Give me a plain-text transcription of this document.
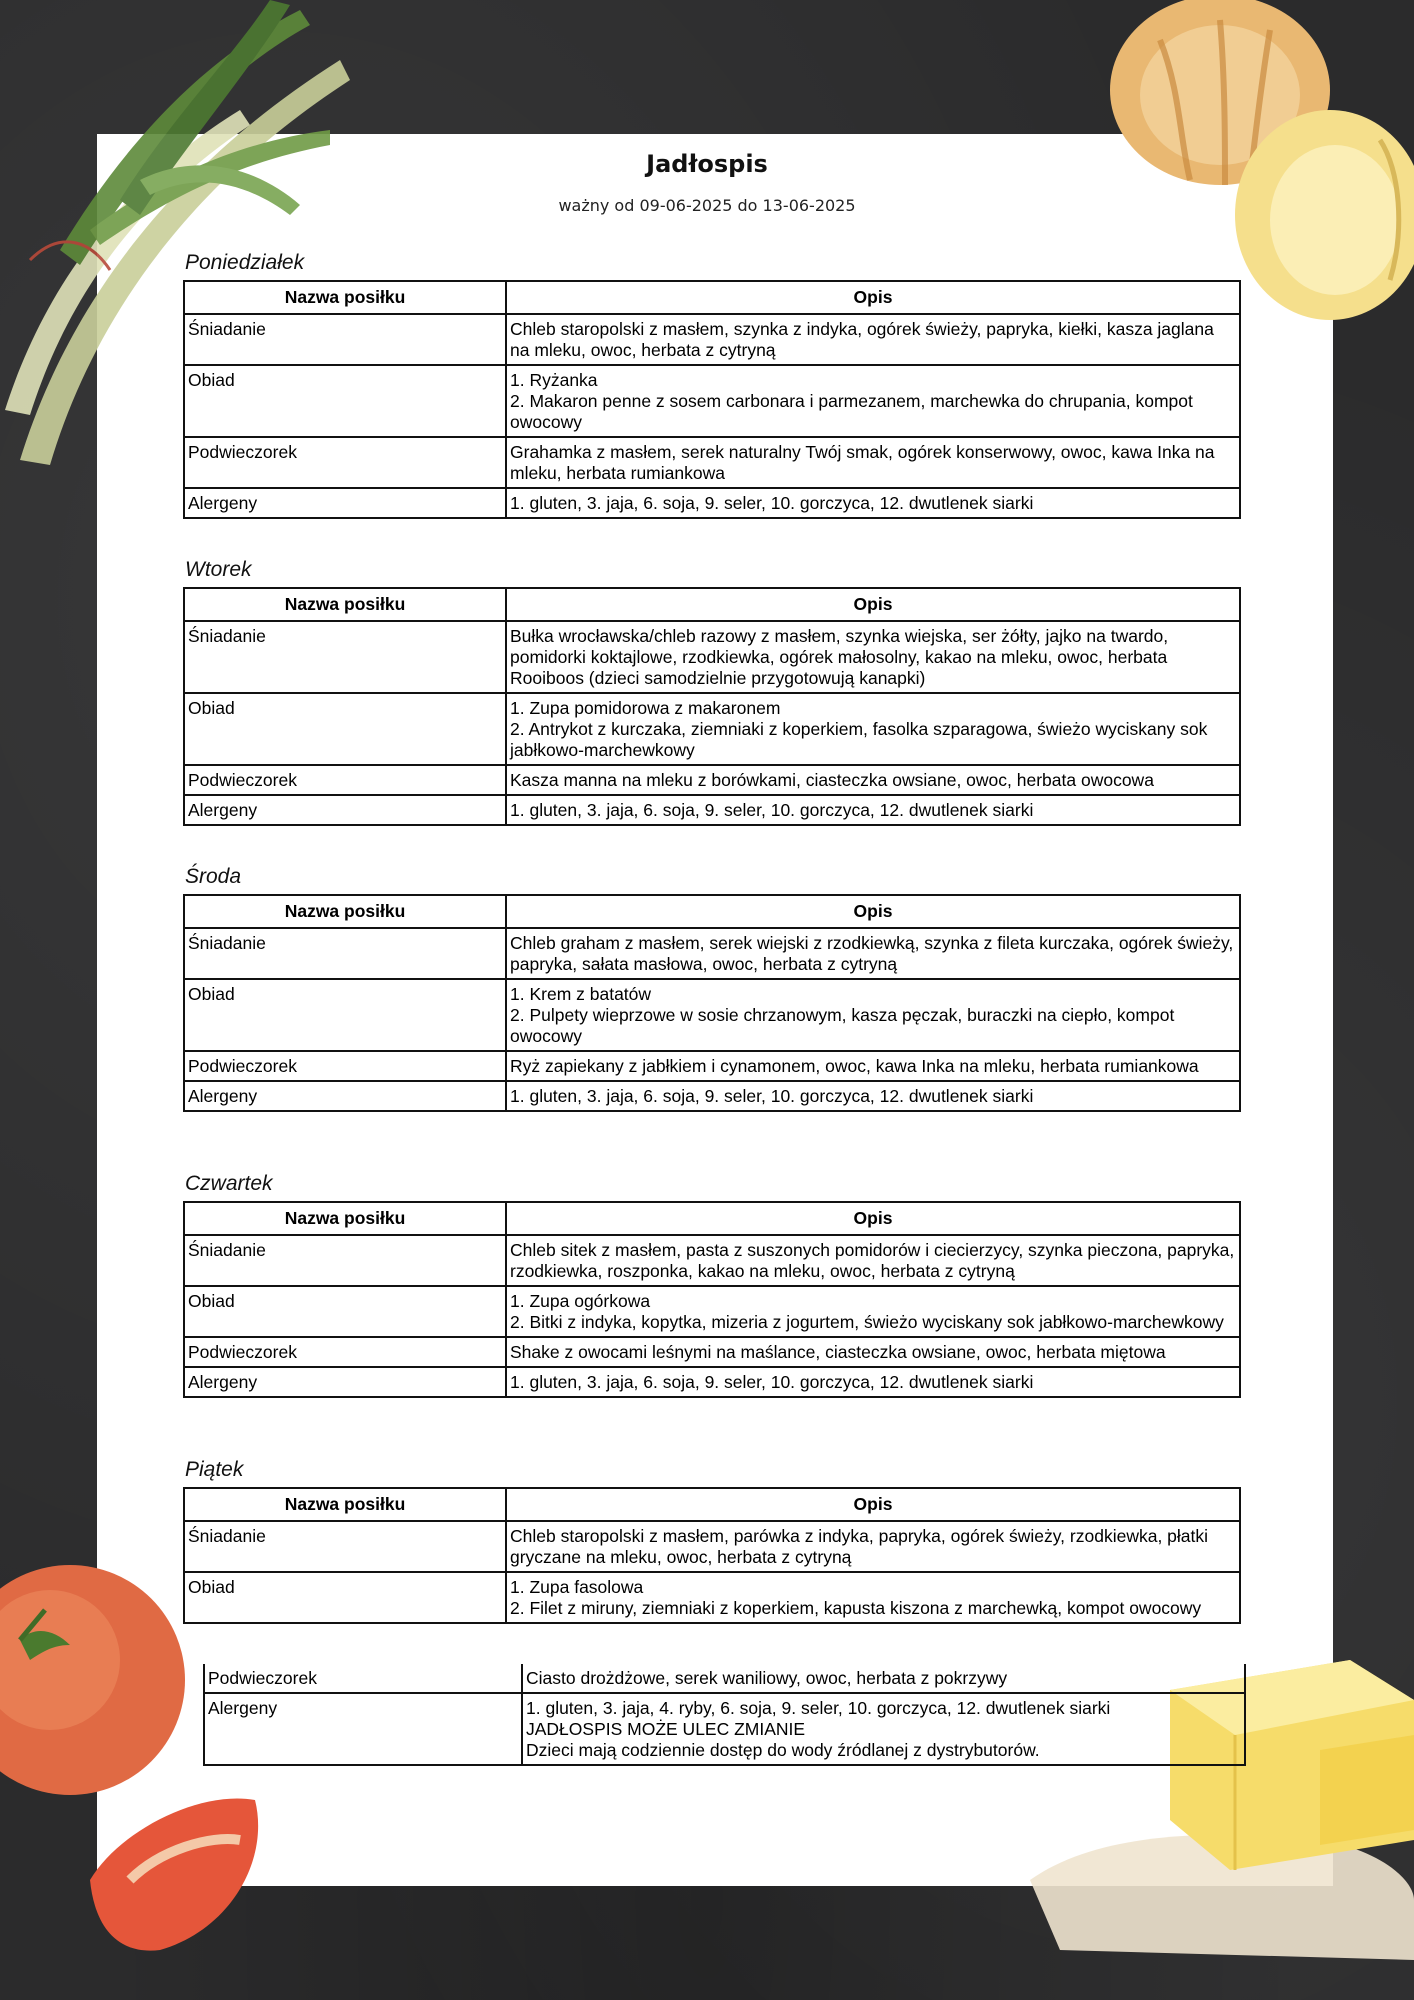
Jadłospis
ważny od 09-06-2025 do 13-06-2025
Poniedziałek
Nazwa posiłku	Opis
Śniadanie	Chleb staropolski z masłem, szynka z indyka, ogórek świeży, papryka, kiełki, kasza jaglana na mleku, owoc, herbata z cytryną
Obiad	1. Ryżanka
2. Makaron penne z sosem carbonara i parmezanem, marchewka do chrupania, kompot owocowy
Podwieczorek	Grahamka z masłem, serek naturalny Twój smak, ogórek konserwowy, owoc, kawa Inka na mleku, herbata rumiankowa
Alergeny	1. gluten, 3. jaja, 6. soja, 9. seler, 10. gorczyca, 12. dwutlenek siarki
Wtorek
Nazwa posiłku	Opis
Śniadanie	Bułka wrocławska/chleb razowy z masłem, szynka wiejska, ser żółty, jajko na twardo, pomidorki koktajlowe, rzodkiewka, ogórek małosolny, kakao na mleku, owoc, herbata Rooiboos (dzieci samodzielnie przygotowują kanapki)
Obiad	1. Zupa pomidorowa z makaronem
2. Antrykot z kurczaka, ziemniaki z koperkiem, fasolka szparagowa, świeżo wyciskany sok jabłkowo-marchewkowy
Podwieczorek	Kasza manna na mleku z borówkami, ciasteczka owsiane, owoc, herbata owocowa
Alergeny	1. gluten, 3. jaja, 6. soja, 9. seler, 10. gorczyca, 12. dwutlenek siarki
Środa
Nazwa posiłku	Opis
Śniadanie	Chleb graham z masłem, serek wiejski z rzodkiewką, szynka z fileta kurczaka, ogórek świeży, papryka, sałata masłowa, owoc, herbata z cytryną
Obiad	1. Krem z batatów
2. Pulpety wieprzowe w sosie chrzanowym, kasza pęczak, buraczki na ciepło, kompot owocowy
Podwieczorek	Ryż zapiekany z jabłkiem i cynamonem, owoc, kawa Inka na mleku, herbata rumiankowa
Alergeny	1. gluten, 3. jaja, 6. soja, 9. seler, 10. gorczyca, 12. dwutlenek siarki
Czwartek
Nazwa posiłku	Opis
Śniadanie	Chleb sitek z masłem, pasta z suszonych pomidorów i ciecierzycy, szynka pieczona, papryka, rzodkiewka, roszponka, kakao na mleku, owoc, herbata z cytryną
Obiad	1. Zupa ogórkowa
2. Bitki z indyka, kopytka, mizeria z jogurtem, świeżo wyciskany sok jabłkowo-marchewkowy
Podwieczorek	Shake z owocami leśnymi na maślance, ciasteczka owsiane, owoc, herbata miętowa
Alergeny	1. gluten, 3. jaja, 6. soja, 9. seler, 10. gorczyca, 12. dwutlenek siarki
Piątek
Nazwa posiłku	Opis
Śniadanie	Chleb staropolski z masłem, parówka z indyka, papryka, ogórek świeży, rzodkiewka, płatki gryczane na mleku, owoc, herbata z cytryną
Obiad	1. Zupa fasolowa
2. Filet z miruny, ziemniaki z koperkiem, kapusta kiszona z marchewką, kompot owocowy
Podwieczorek	Ciasto drożdżowe, serek waniliowy, owoc, herbata z pokrzywy
Alergeny	1. gluten, 3. jaja, 4. ryby, 6. soja, 9. seler, 10. gorczyca, 12. dwutlenek siarki
JADŁOSPIS MOŻE ULEC ZMIANIE
Dzieci mają codziennie dostęp do wody źródlanej z dystrybutorów.
